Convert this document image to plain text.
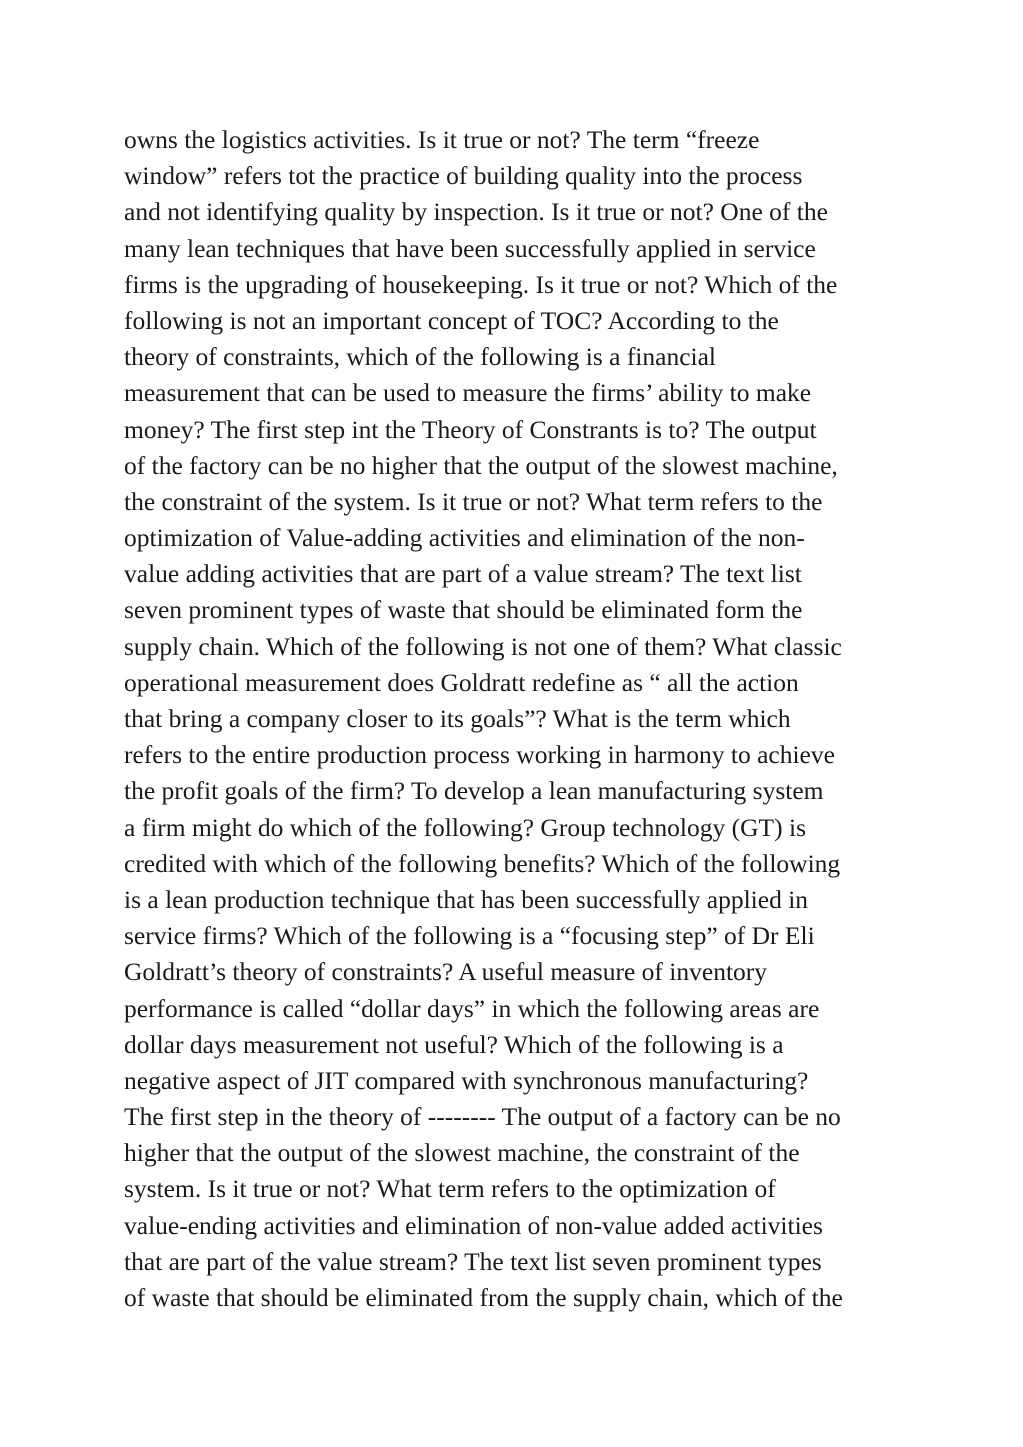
owns the logistics activities. Is it true or not? The term “freeze
window” refers tot the practice of building quality into the process
and not identifying quality by inspection. Is it true or not? One of the
many lean techniques that have been successfully applied in service
firms is the upgrading of housekeeping. Is it true or not? Which of the
following is not an important concept of TOC? According to the
theory of constraints, which of the following is a financial
measurement that can be used to measure the firms’ ability to make
money? The first step int the Theory of Constrants is to? The output
of the factory can be no higher that the output of the slowest machine,
the constraint of the system. Is it true or not? What term refers to the
optimization of Value-adding activities and elimination of the non-
value adding activities that are part of a value stream? The text list
seven prominent types of waste that should be eliminated form the
supply chain. Which of the following is not one of them? What classic
operational measurement does Goldratt redefine as “ all the action
that bring a company closer to its goals”? What is the term which
refers to the entire production process working in harmony to achieve
the profit goals of the firm? To develop a lean manufacturing system
a firm might do which of the following? Group technology (GT) is
credited with which of the following benefits? Which of the following
is a lean production technique that has been successfully applied in
service firms? Which of the following is a “focusing step” of Dr Eli
Goldratt’s theory of constraints? A useful measure of inventory
performance is called “dollar days” in which the following areas are
dollar days measurement not useful? Which of the following is a
negative aspect of JIT compared with synchronous manufacturing?
The first step in the theory of -------- The output of a factory can be no
higher that the output of the slowest machine, the constraint of the
system. Is it true or not? What term refers to the optimization of
value-ending activities and elimination of non-value added activities
that are part of the value stream? The text list seven prominent types
of waste that should be eliminated from the supply chain, which of the
